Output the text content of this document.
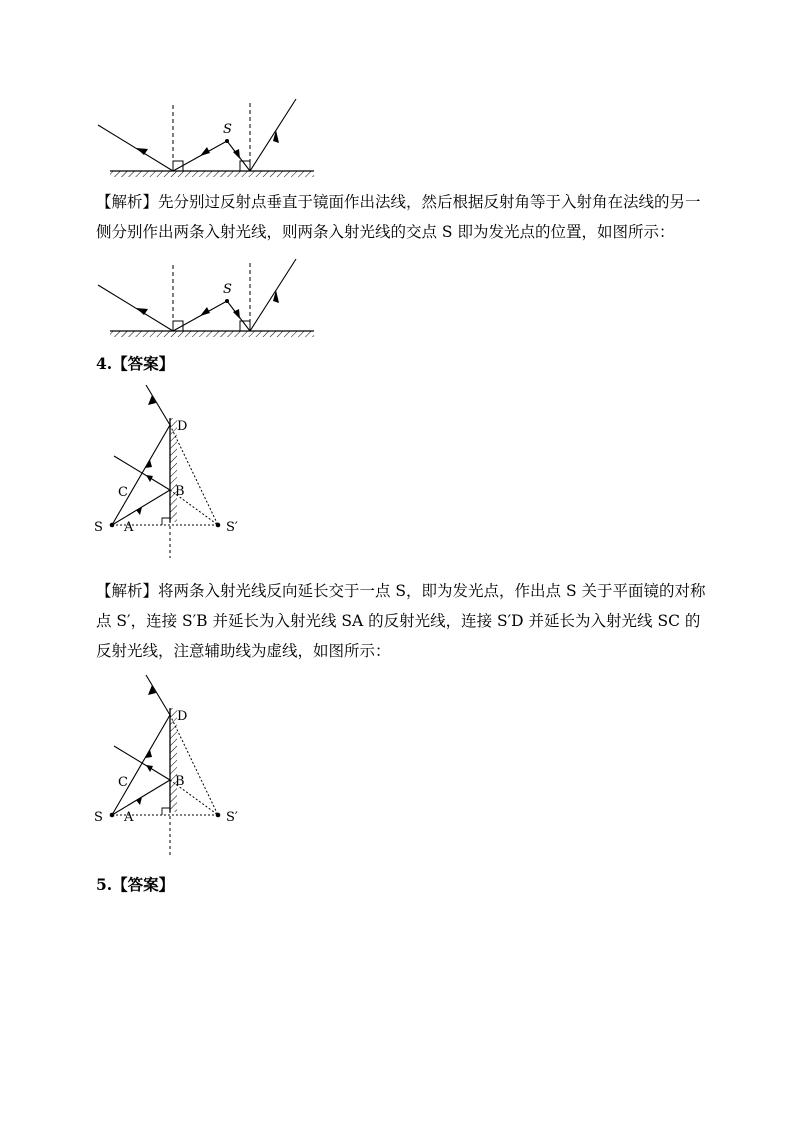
S

【解析】先分别过反射点垂直于镜面作出法线，然后根据反射角等于入射角在法线的另一侧分别作出两条入射光线，则两条入射光线的交点 S 即为发光点的位置，如图所示：

S

4.【答案】

D
C	B
S A	S′

【解析】将两条入射光线反向延长交于一点 S，即为发光点，作出点 S 关于平面镜的对称点 S′，连接 S′B 并延长为入射光线 SA 的反射光线，连接 S′D 并延长为入射光线 SC 的反射光线，注意辅助线为虚线，如图所示：

D
C	B
S A	S′

5.【答案】
